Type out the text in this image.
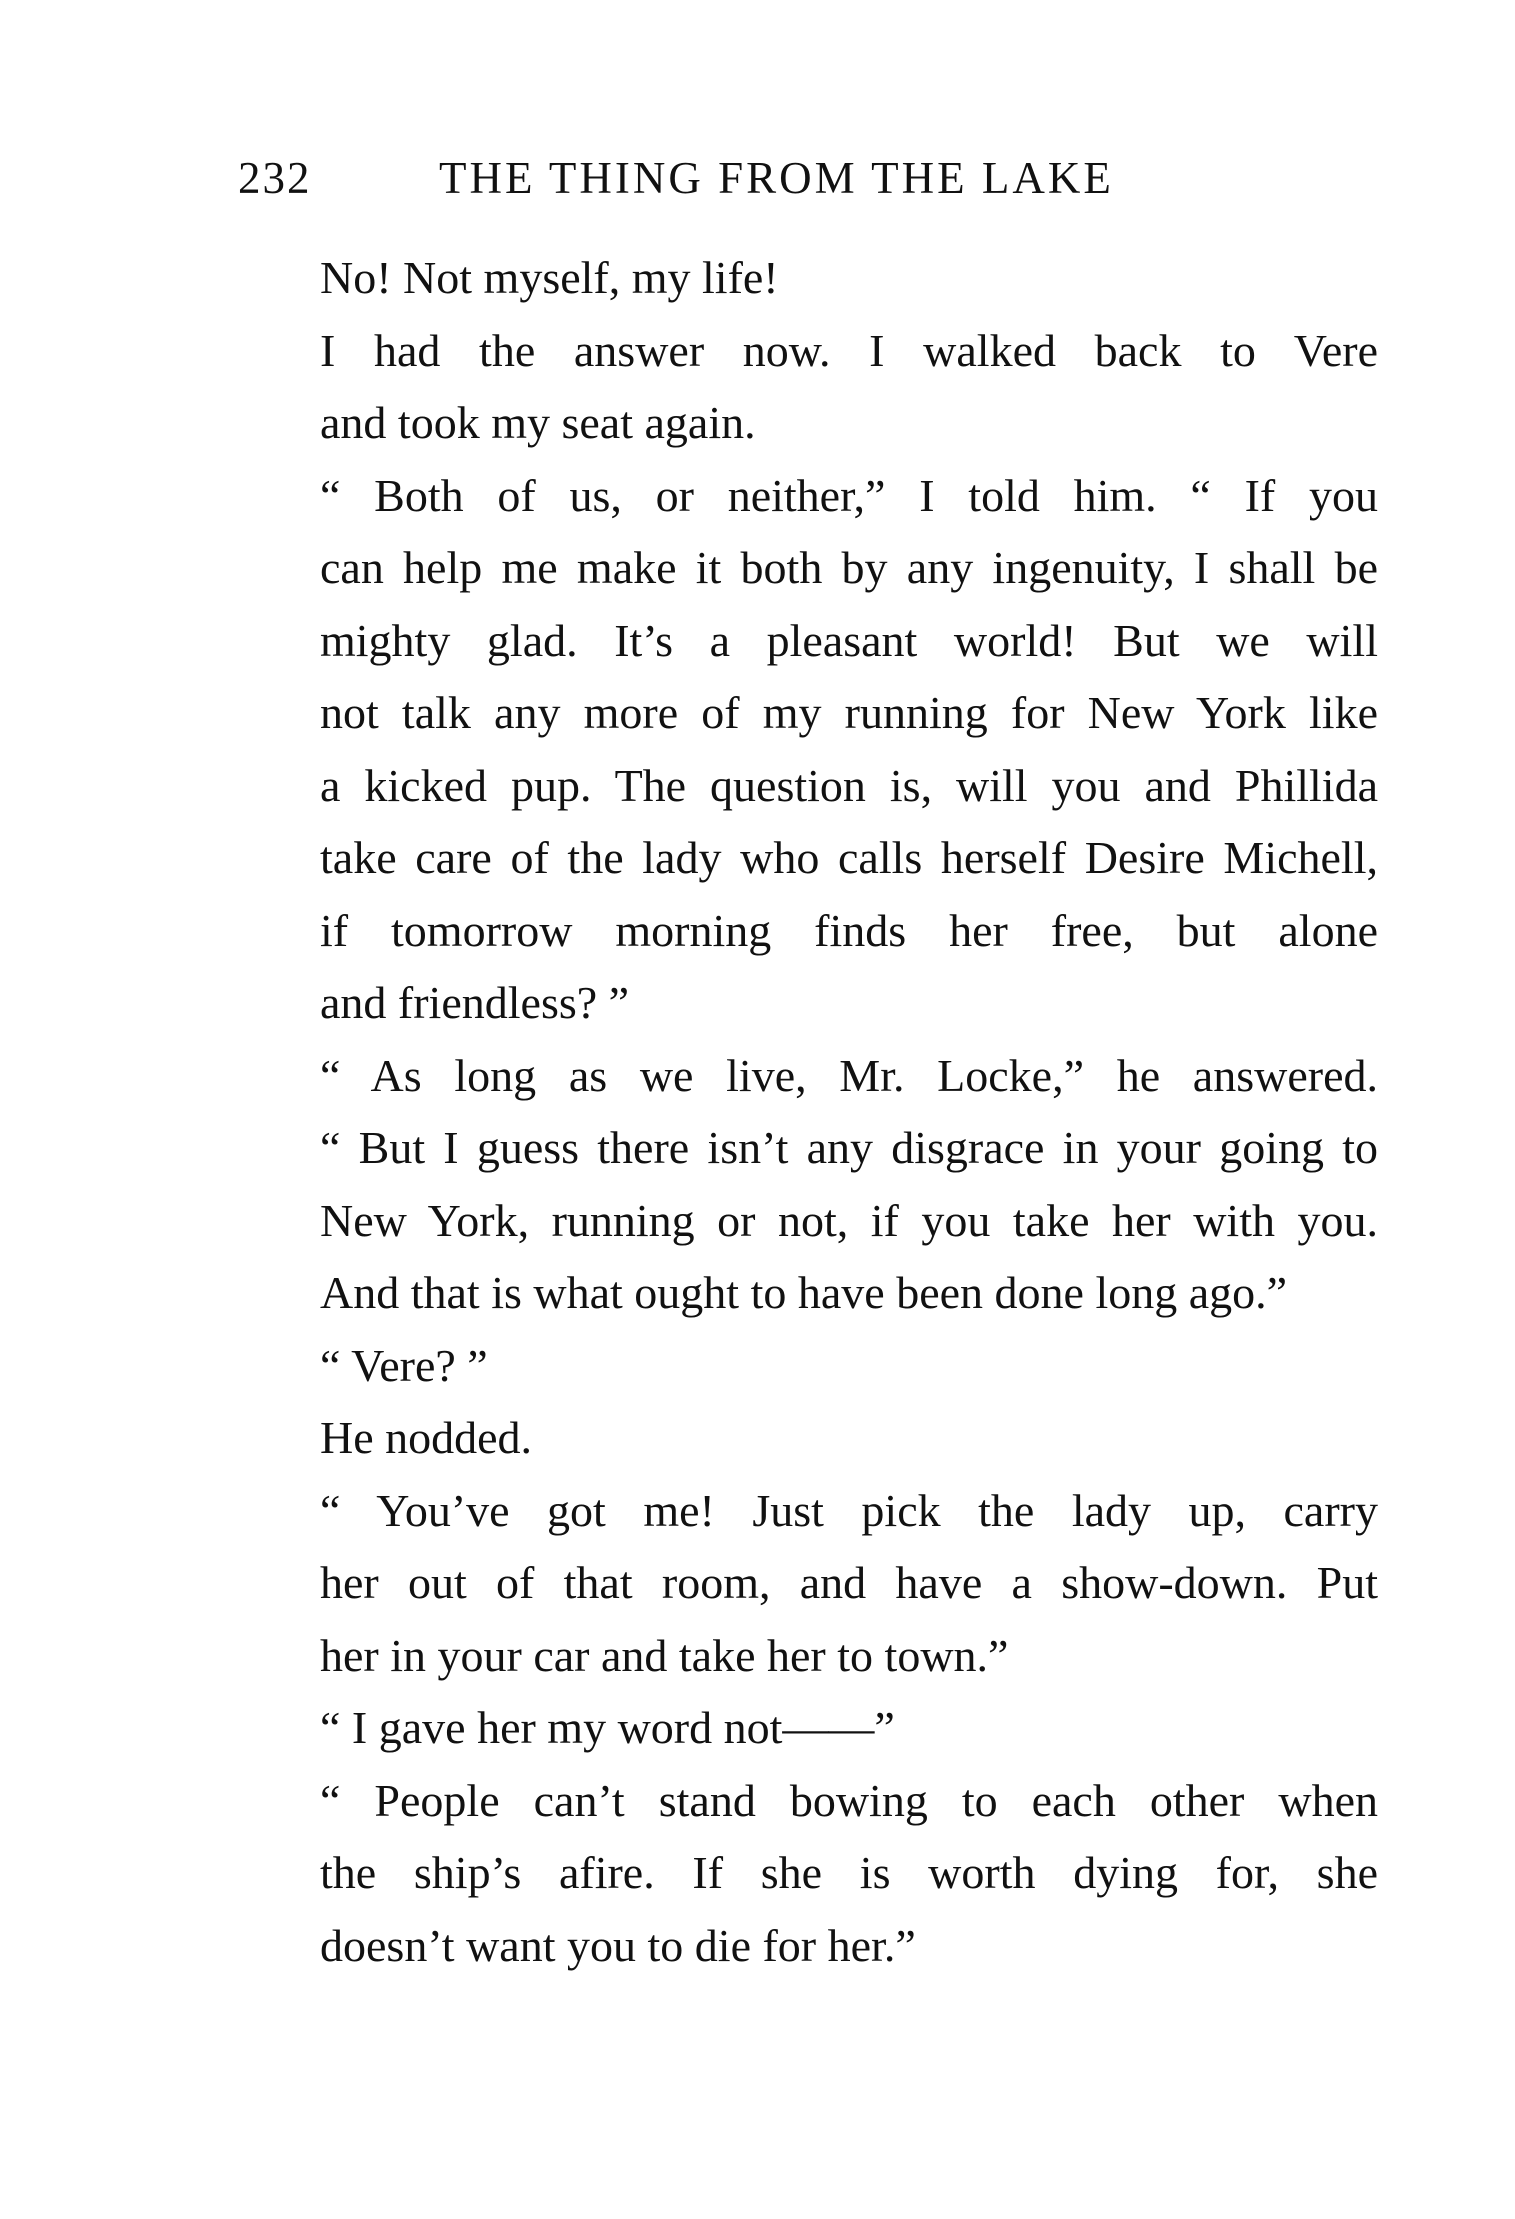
232	THE THING FROM THE LAKE

No! Not myself, my life!

I had the answer now. I walked back to Vere
and took my seat again.

“ Both of us, or neither,” I told him. “ If you
can help me make it both by any ingenuity, I shall be
mighty glad. It’s a pleasant world! But we will
not talk any more of my running for New York like
a kicked pup. The question is, will you and Phillida
take care of the lady who calls herself Desire Michell,
if tomorrow morning finds her free, but alone
and friendless? ”

“ As long as we live, Mr. Locke,” he answered.
“ But I guess there isn’t any disgrace in your going to
New York, running or not, if you take her with you.
And that is what ought to have been done long ago.”

“ Vere? ”

He nodded.

“ You’ve got me! Just pick the lady up, carry
her out of that room, and have a show-down. Put
her in your car and take her to town.”

“ I gave her my word not——”

“ People can’t stand bowing to each other when
the ship’s afire. If she is worth dying for, she
doesn’t want you to die for her.”
